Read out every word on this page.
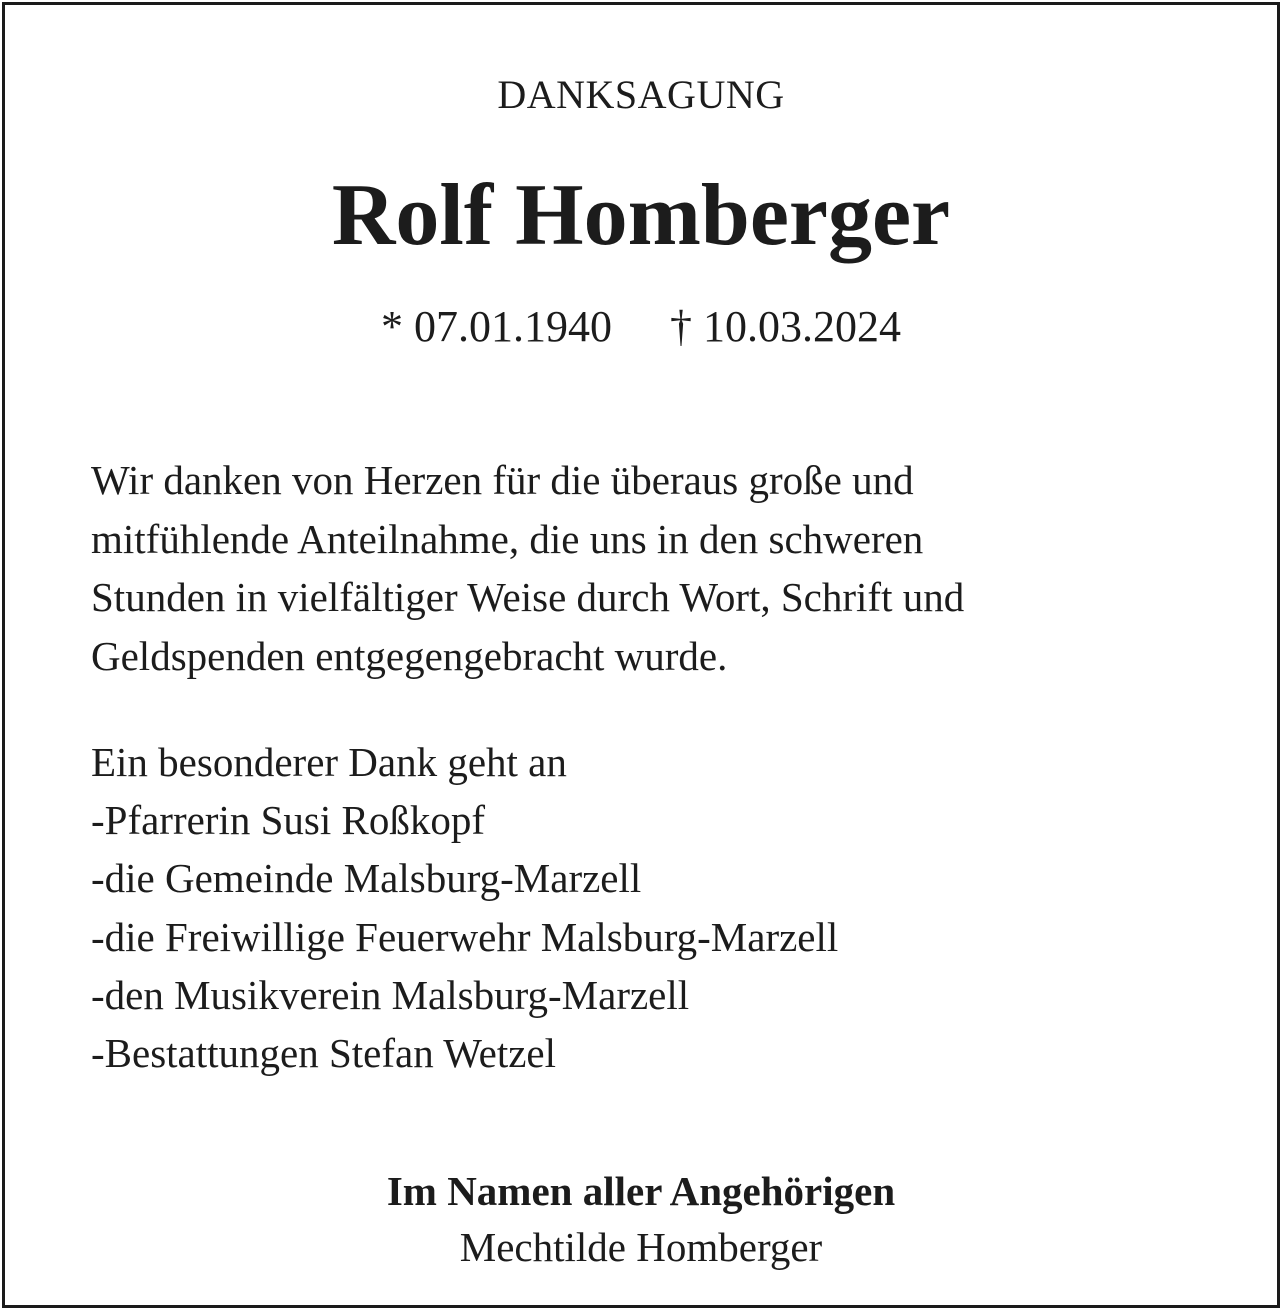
DANKSAGUNG
Rolf Homberger
* 07.01.1940 † 10.03.2024
Wir danken von Herzen für die überaus große und
mitfühlende Anteilnahme, die uns in den schweren
Stunden in vielfältiger Weise durch Wort, Schrift und
Geldspenden entgegengebracht wurde.
Ein besonderer Dank geht an
-Pfarrerin Susi Roßkopf
-die Gemeinde Malsburg-Marzell
-die Freiwillige Feuerwehr Malsburg-Marzell
-den Musikverein Malsburg-Marzell
-Bestattungen Stefan Wetzel
Im Namen aller Angehörigen
Mechtilde Homberger
